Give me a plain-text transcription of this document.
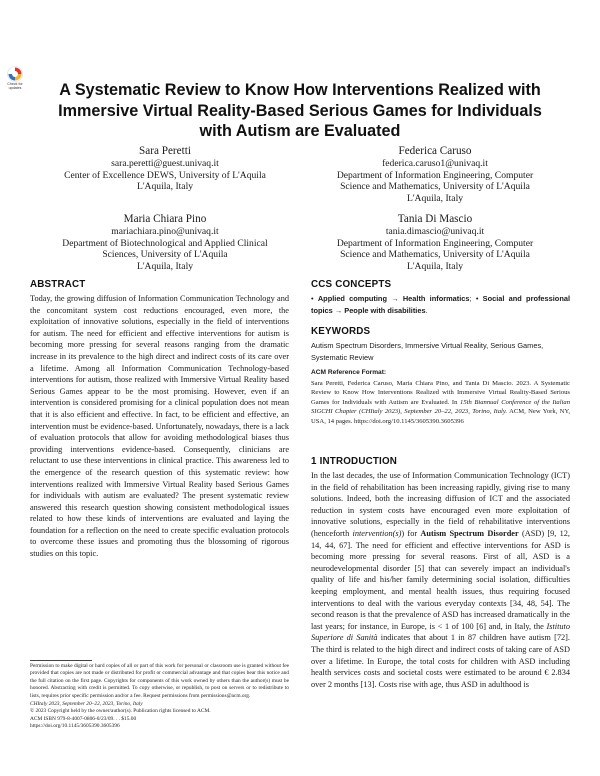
Check for
updates	A Systematic Review to Know How Interventions Realized with Immersive Virtual Reality-Based Serious Games for Individuals with Autism are Evaluated
Sara Peretti
sara.peretti@guest.univaq.it
Center of Excellence DEWS, University of L'Aquila
L'Aquila, Italy
Federica Caruso
federica.caruso1@univaq.it
Department of Information Engineering, Computer
Science and Mathematics, University of L'Aquila
L'Aquila, Italy
Maria Chiara Pino
mariachiara.pino@univaq.it
Department of Biotechnological and Applied Clinical
Sciences, University of L'Aquila
L'Aquila, Italy
Tania Di Mascio
tania.dimascio@univaq.it
Department of Information Engineering, Computer
Science and Mathematics, University of L'Aquila
L'Aquila, Italy
ABSTRACT

Today, the growing diffusion of Information Communication Technology and the concomitant system cost reductions encouraged, even more, the exploitation of innovative solutions, especially in the field of interventions for autism. The need for efficient and effective interventions for autism is becoming more pressing for several reasons ranging from the dramatic increase in its prevalence to the high direct and indirect costs of its care over a lifetime. Among all Information Communication Technology-based interventions for autism, those realized with Immersive Virtual Reality based Serious Games appear to be the most promising. However, even if an intervention is considered promising for a clinical population does not mean that it is also efficient and effective. In fact, to be efficient and effective, an intervention must be evidence-based. Unfortunately, nowadays, there is a lack of evaluation protocols that allow for avoiding methodological biases thus providing interventions evidence-based. Consequently, clinicians are reluctant to use these interventions in clinical practice. This awareness led to the emergence of the research question of this systematic review: how interventions realized with Immersive Virtual Reality based Serious Games for individuals with autism are evaluated? The present systematic review answered this research question showing consistent methodological issues related to how these kinds of interventions are evaluated and laying the foundation for a reflection on the need to create specific evaluation protocols to overcome these issues and promoting thus the blossoming of rigorous studies on this topic.

CCS CONCEPTS

• Applied computing → Health informatics; • Social and professional topics → People with disabilities.

KEYWORDS

Autism Spectrum Disorders, Immersive Virtual Reality, Serious Games, Systematic Review

ACM Reference Format:

Sara Peretti, Federica Caruso, Maria Chiara Pino, and Tania Di Mascio. 2023. A Systematic Review to Know How Interventions Realized with Immersive Virtual Reality-Based Serious Games for Individuals with Autism are Evaluated. In 15th Biannual Conference of the Italian SIGCHI Chapter (CHItaly 2023), September 20–22, 2023, Torino, Italy. ACM, New York, NY, USA, 14 pages. https://doi.org/10.1145/3605390.3605396

1 INTRODUCTION

In the last decades, the use of Information Communication Technology (ICT) in the field of rehabilitation has been increasing rapidly, giving rise to many solutions. Indeed, both the increasing diffusion of ICT and the associated reduction in system costs have encouraged even more exploitation of innovative solutions, especially in the field of rehabilitative interventions (henceforth intervention(s)) for Autism Spectrum Disorder (ASD) [9, 12, 14, 44, 67]. The need for efficient and effective interventions for ASD is becoming more pressing for several reasons. First of all, ASD is a neurodevelopmental disorder [5] that can severely impact an individual's quality of life and his/her family determining social isolation, difficulties keeping employment, and mental health issues, thus requiring focused interventions to deal with the various everyday contexts [34, 48, 54]. The second reason is that the prevalence of ASD has increased dramatically in the last years; for instance, in Europe, is < 1 of 100 [6] and, in Italy, the Istituto Superiore di Sanità indicates that about 1 in 87 children have autism [72]. The third is related to the high direct and indirect costs of taking care of ASD over a lifetime. In Europe, the total costs for children with ASD including health services costs and societal costs were estimated to be around € 2.834 over 2 months [13]. Costs rise with age, thus ASD in adulthood is

Permission to make digital or hard copies of all or part of this work for personal or classroom use is granted without fee provided that copies are not made or distributed for profit or commercial advantage and that copies bear this notice and the full citation on the first page. Copyrights for components of this work owned by others than the author(s) must be honored. Abstracting with credit is permitted. To copy otherwise, or republish, to post on servers or to redistribute to lists, requires prior specific permission and/or a fee. Request permissions from permissions@acm.org.
CHItaly 2023, September 20–22, 2023, Torino, Italy
© 2023 Copyright held by the owner/author(s). Publication rights licensed to ACM.
ACM ISBN 979-8-4007-0806-0/23/09. . . $15.00
https://doi.org/10.1145/3605390.3605396
